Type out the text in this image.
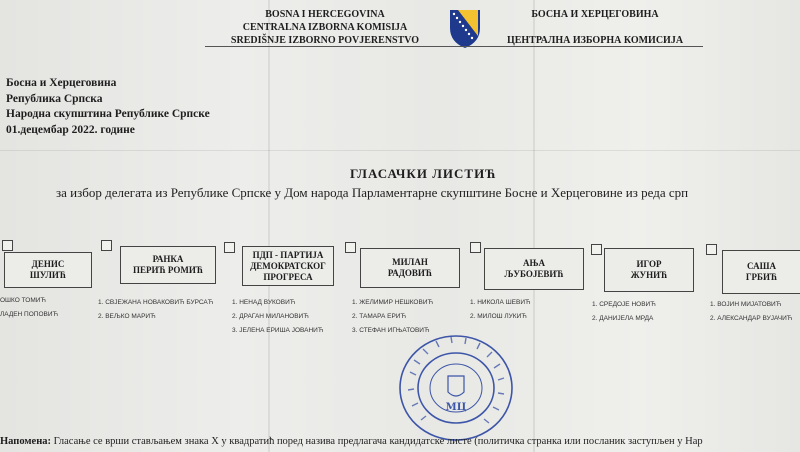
BOSNA I HERCEGOVINA
CENTRALNA IZBORNA KOMISIJA
SREDIŠNJE IZBORNO POVJERENSTVO
БОСНА И ХЕРЦЕГОВИНА
ЦЕНТРАЛНА ИЗБОРНА КОМИСИЈА
Босна и Херцеговина
Република Српска
Народна скупштина Републике Српске
01.децембар 2022. године
ГЛАСАЧКИ ЛИСТИЋ
за избор делегата из Републике Српске у Дом народа Парламентарне скупштине Босне и Херцеговине из реда срп
ДЕНИС
ШУЛИЋ
ОШКО ТОМИЋ
ЛАДЕН ПОПОВИЋ
РАНКА
ПЕРИЋ РОМИЋ
1. СВЈЕЖАНА НОВАКОВИЋ БУРСАЋ
2. ВЕЉКО МАРИЋ
ПДП - ПАРТИЈА
ДЕМОКРАТСКОГ
ПРОГРЕСА
1. НЕНАД ВУКОВИЋ
2. ДРАГАН МИЛАНОВИЋ
3. ЈЕЛЕНА ЕРИША ЈОВАНИЋ
МИЛАН
РАДОВИЋ
1. ЖЕЛИМИР НЕШКОВИЋ
2. ТАМАРА ЕРИЋ
3. СТЕФАН ИГЊАТОВИЋ
АЊА
ЉУБОЈЕВИЋ
1. НИКОЛА ШЕВИЋ
2. МИЛОШ ЛУКИЋ
ИГОР
ЖУНИЋ
1. СРЕДОЈЕ НОВИЋ
2. ДАНИЈЕЛА МРДА
САША
ГРБИЋ
1. ВОЈИН МИЈАТОВИЋ
2. АЛЕКСАНДАР ВУЈАЧИЋ
МЦ
Напомена: Гласање се врши стављањем знака Х у квадратић поред назива предлагача кандидатске листе (политичка странка или посланик заступљен у Нар
